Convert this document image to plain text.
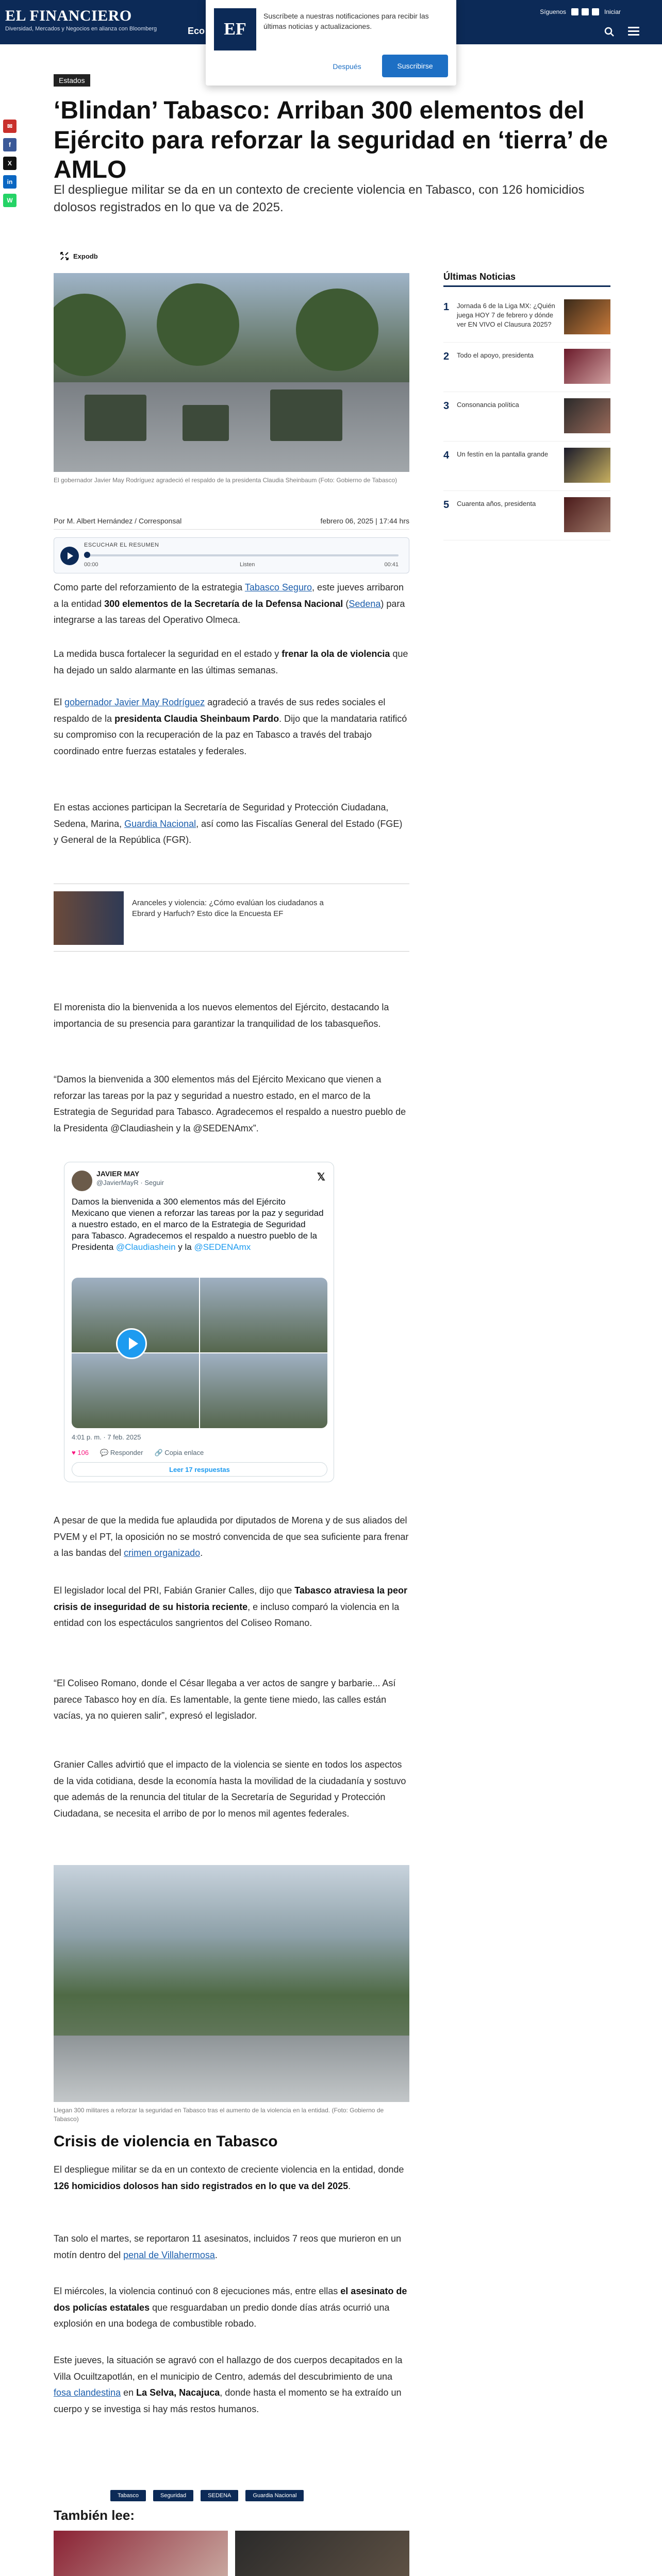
EL FINANCIERO
Diversidad, Mercados y Negocios en alianza con Bloomberg	Eco
Síguenos	Iniciar
EF
Suscríbete a nuestras notificaciones para recibir las últimas noticias y actualizaciones.
Después	Suscribirse
✉
f
X
in
W
Estados
‘Blindan’ Tabasco: Arriban 300 elementos del Ejército para reforzar la seguridad en ‘tierra’ de AMLO

El despliegue militar se da en un contexto de creciente violencia en Tabasco, con 126 homicidios dolosos registrados en lo que va de 2025.

Expodb
El gobernador Javier May Rodríguez agradeció el respaldo de la presidenta Claudia Sheinbaum (Foto: Gobierno de Tabasco)
Por M. Albert Hernández / Corresponsal	febrero 06, 2025 | 17:44 hrs
ESCUCHAR EL RESUMEN
00:00	Listen	00:41

Como parte del reforzamiento de la estrategia Tabasco Seguro, este jueves arribaron a la entidad 300 elementos de la Secretaría de la Defensa Nacional (Sedena) para integrarse a las tareas del Operativo Olmeca.

La medida busca fortalecer la seguridad en el estado y frenar la ola de violencia que ha dejado un saldo alarmante en las últimas semanas.

El gobernador Javier May Rodríguez agradeció a través de sus redes sociales el respaldo de la presidenta Claudia Sheinbaum Pardo. Dijo que la mandataria ratificó su compromiso con la recuperación de la paz en Tabasco a través del trabajo coordinado entre fuerzas estatales y federales.

En estas acciones participan la Secretaría de Seguridad y Protección Ciudadana, Sedena, Marina, Guardia Nacional, así como las Fiscalías General del Estado (FGE) y General de la República (FGR).

Aranceles y violencia: ¿Cómo evalúan los ciudadanos a Ebrard y Harfuch? Esto dice la Encuesta EF

El morenista dio la bienvenida a los nuevos elementos del Ejército, destacando la importancia de su presencia para garantizar la tranquilidad de los tabasqueños.

“Damos la bienvenida a 300 elementos más del Ejército Mexicano que vienen a reforzar las tareas por la paz y seguridad a nuestro estado, en el marco de la Estrategia de Seguridad para Tabasco. Agradecemos el respaldo a nuestro pueblo de la Presidenta @Claudiashein y la @SEDENAmx”.

JAVIER MAY
@JavierMayR · Seguir	𝕏
Damos la bienvenida a 300 elementos más del Ejército Mexicano que vienen a reforzar las tareas por la paz y seguridad a nuestro estado, en el marco de la Estrategia de Seguridad para Tabasco. Agradecemos el respaldo a nuestro pueblo de la Presidenta @Claudiashein y la @SEDENAmx
4:01 p. m. · 7 feb. 2025
♥ 106 💬 Responder 🔗 Copia enlace
Leer 17 respuestas

A pesar de que la medida fue aplaudida por diputados de Morena y de sus aliados del PVEM y el PT, la oposición no se mostró convencida de que sea suficiente para frenar a las bandas del crimen organizado.

El legislador local del PRI, Fabián Granier Calles, dijo que Tabasco atraviesa la peor crisis de inseguridad de su historia reciente, e incluso comparó la violencia en la entidad con los espectáculos sangrientos del Coliseo Romano.

“El Coliseo Romano, donde el César llegaba a ver actos de sangre y barbarie... Así parece Tabasco hoy en día. Es lamentable, la gente tiene miedo, las calles están vacías, ya no quieren salir”, expresó el legislador.

Granier Calles advirtió que el impacto de la violencia se siente en todos los aspectos de la vida cotidiana, desde la economía hasta la movilidad de la ciudadanía y sostuvo que además de la renuncia del titular de la Secretaría de Seguridad y Protección Ciudadana, se necesita el arribo de por lo menos mil agentes federales.

Llegan 300 militares a reforzar la seguridad en Tabasco tras el aumento de la violencia en la entidad. (Foto: Gobierno de Tabasco)
Crisis de violencia en Tabasco

El despliegue militar se da en un contexto de creciente violencia en la entidad, donde 126 homicidios dolosos han sido registrados en lo que va del 2025.

Tan solo el martes, se reportaron 11 asesinatos, incluidos 7 reos que murieron en un motín dentro del penal de Villahermosa.

El miércoles, la violencia continuó con 8 ejecuciones más, entre ellas el asesinato de dos policías estatales que resguardaban un predio donde días atrás ocurrió una explosión en una bodega de combustible robado.

Este jueves, la situación se agravó con el hallazgo de dos cuerpos decapitados en la Villa Ocuiltzapotlán, en el municipio de Centro, además del descubrimiento de una fosa clandestina en La Selva, Nacajuca, donde hasta el momento se ha extraído un cuerpo y se investiga si hay más restos humanos.

Tabasco	Seguridad	SEDENA	Guardia Nacional
También lee:
Últimas Noticias
1 Jornada 6 de la Liga MX: ¿Quién juega HOY 7 de febrero y dónde ver EN VIVO el Clausura 2025?
2 Todo el apoyo, presidenta
3 Consonancia política
4 Un festín en la pantalla grande
5 Cuarenta años, presidenta
